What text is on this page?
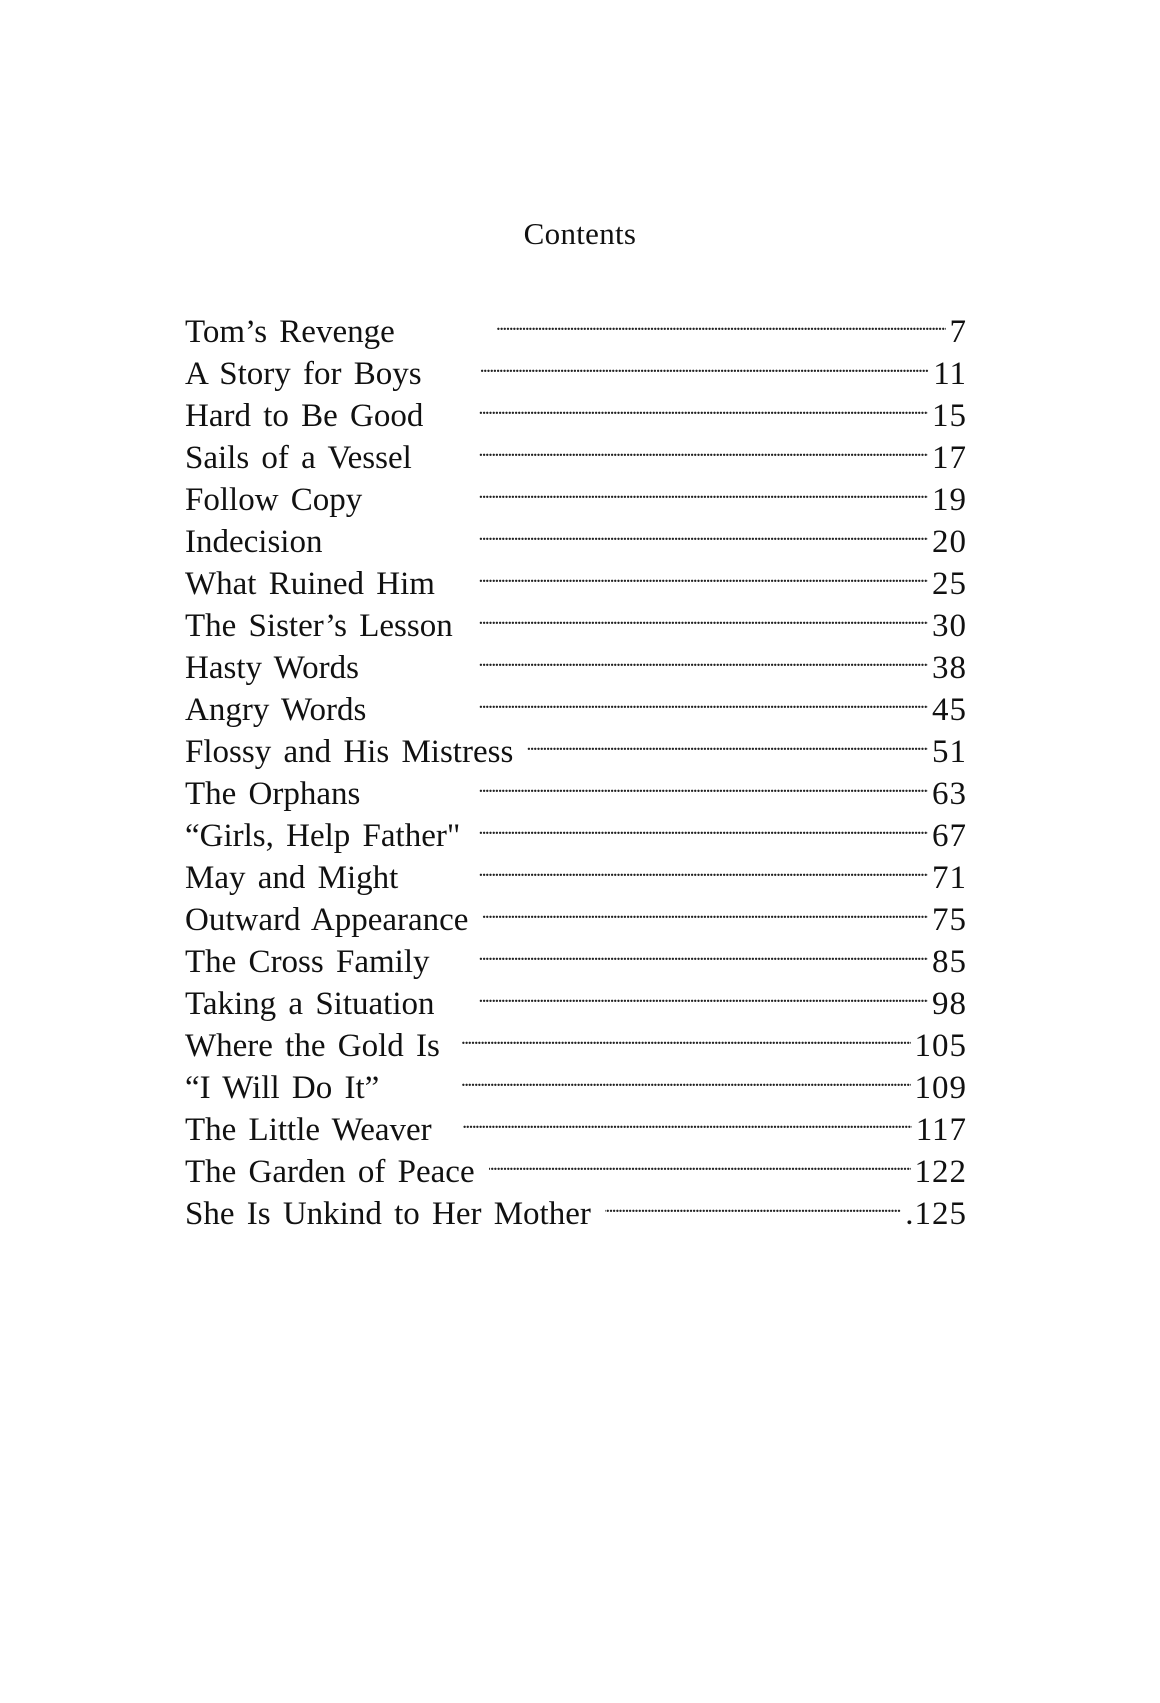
Contents
Tom’s Revenge . . .	7
A Story for Boys . . .	11
Hard to Be Good . . .	15
Sails of a Vessel . . .	17
Follow Copy . . .	19
Indecision . . .	20
What Ruined Him . . .	25
The Sister’s Lesson . . .	30
Hasty Words . . .	38
Angry Words . . .	45
Flossy and His Mistress . . .	51
The Orphans . . .	63
“Girls, Help Father" . . .	67
May and Might . . .	71
Outward Appearance . . .	75
The Cross Family . . .	85
Taking a Situation . . .	98
Where the Gold Is . . .	105
“I Will Do It” . . .	109
The Little Weaver . . .	117
The Garden of Peace . . .	122
She Is Unkind to Her Mother . . .	.125
